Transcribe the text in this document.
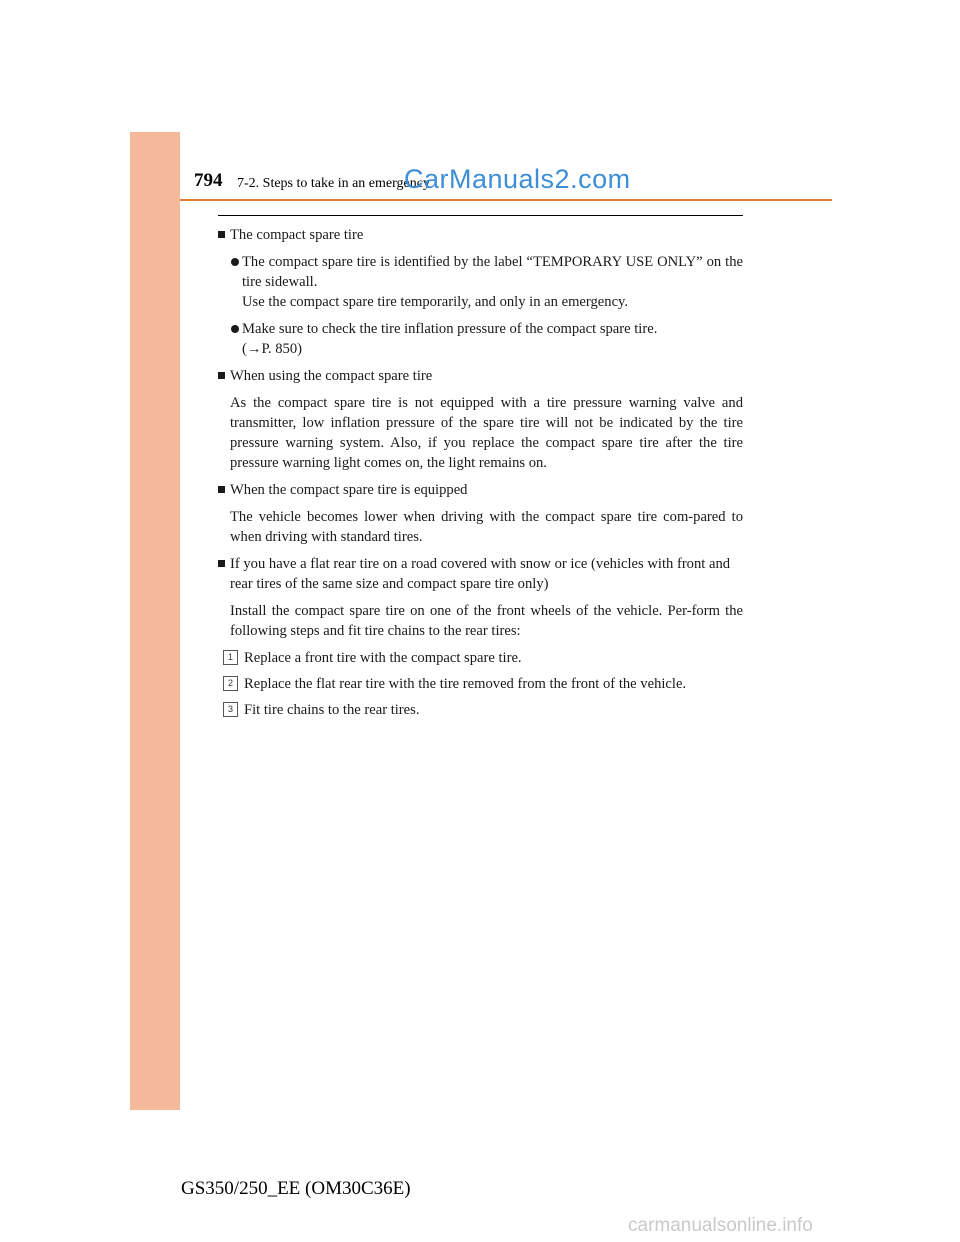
794 7-2. Steps to take in an emergency
CarManuals2.com
The compact spare tire
The compact spare tire is identified by the label “TEMPORARY USE ONLY” on the tire sidewall.
Use the compact spare tire temporarily, and only in an emergency.
Make sure to check the tire inflation pressure of the compact spare tire.
(→P. 850)
When using the compact spare tire
As the compact spare tire is not equipped with a tire pressure warning valve and transmitter, low inflation pressure of the spare tire will not be indicated by the tire pressure warning system. Also, if you replace the compact spare tire after the tire pressure warning light comes on, the light remains on.
When the compact spare tire is equipped
The vehicle becomes lower when driving with the compact spare tire com-pared to when driving with standard tires.
If you have a flat rear tire on a road covered with snow or ice (vehicles with front and rear tires of the same size and compact spare tire only)
Install the compact spare tire on one of the front wheels of the vehicle. Per-form the following steps and fit tire chains to the rear tires:
1 Replace a front tire with the compact spare tire.
2 Replace the flat rear tire with the tire removed from the front of the vehicle.
3 Fit tire chains to the rear tires.
GS350/250_EE (OM30C36E)
carmanualsonline.info
